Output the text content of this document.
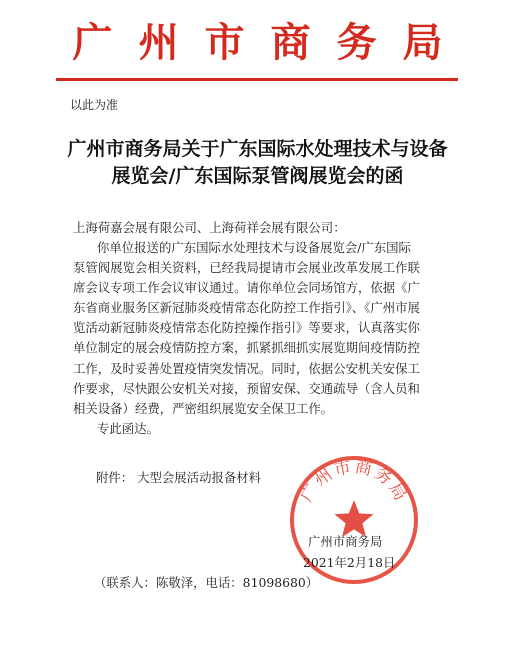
广州市商务局
以此为准
广州市商务局关于广东国际水处理技术与设备
展览会/广东国际泵管阀展览会的函
上海荷嘉会展有限公司、上海荷祥会展有限公司：
你单位报送的广东国际水处理技术与设备展览会/广东国际
泵管阀展览会相关资料，已经我局提请市会展业改革发展工作联
席会议专项工作会议审议通过。请你单位会同场馆方，依据《广
东省商业服务区新冠肺炎疫情常态化防控工作指引》、《广州市展
览活动新冠肺炎疫情常态化防控操作指引》等要求，认真落实你
单位制定的展会疫情防控方案，抓紧抓细抓实展览期间疫情防控
工作，及时妥善处置疫情突发情况。同时，依据公安机关安保工
作要求，尽快跟公安机关对接，预留安保、交通疏导（含人员和
相关设备）经费，严密组织展览安全保卫工作。
专此函达。
附件： 大型会展活动报备材料
广州市商务局
广州市商务局
2021年2月18日
（联系人：陈敬泽，电话：81098680）
